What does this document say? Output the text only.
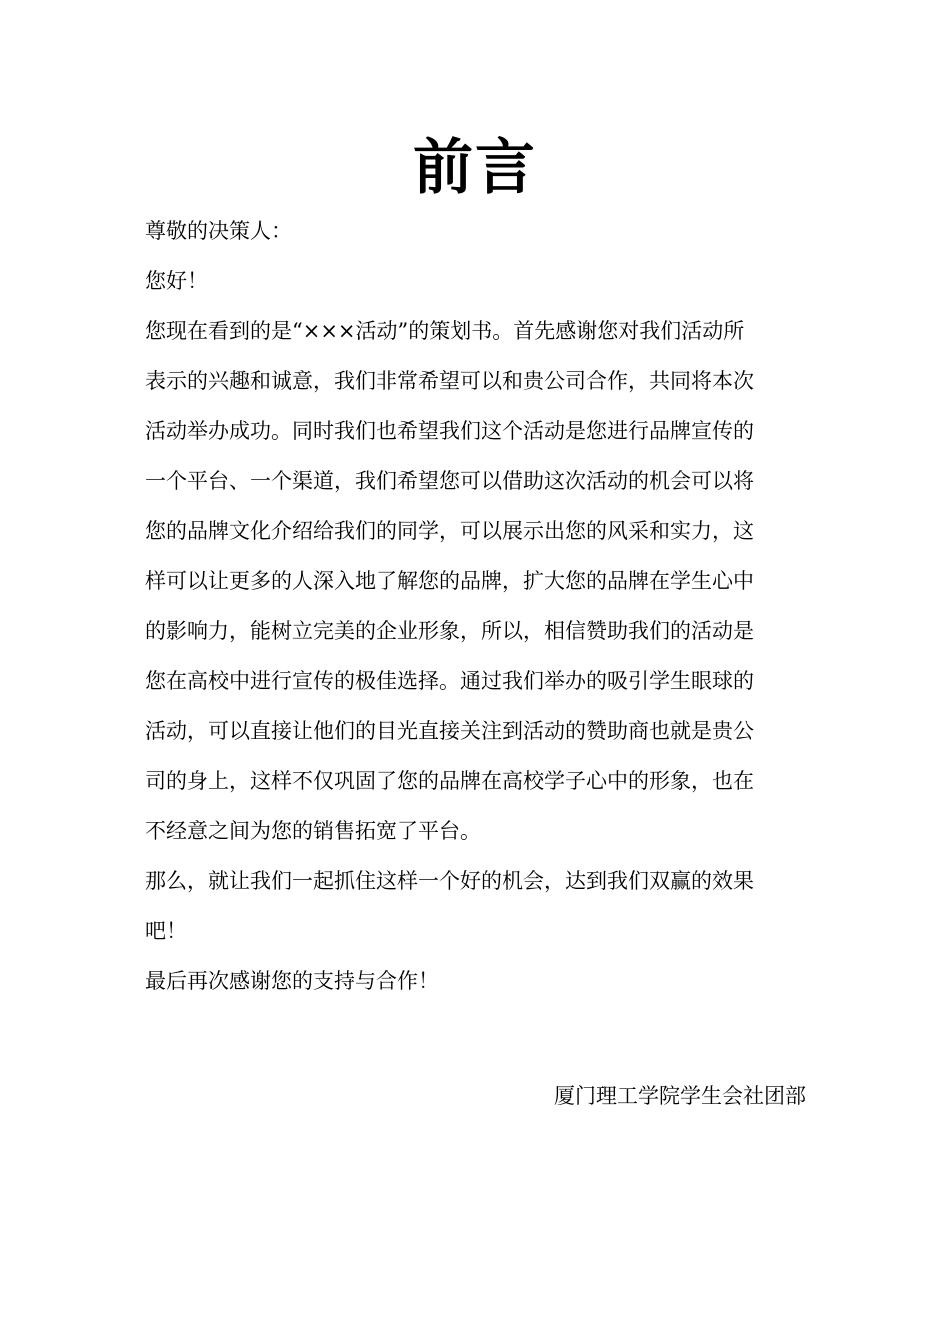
前言

尊敬的决策人：

您好！

您现在看到的是“×××活动”的策划书。首先感谢您对我们活动所
表示的兴趣和诚意，我们非常希望可以和贵公司合作，共同将本次
活动举办成功。同时我们也希望我们这个活动是您进行品牌宣传的
一个平台、一个渠道，我们希望您可以借助这次活动的机会可以将
您的品牌文化介绍给我们的同学，可以展示出您的风采和实力，这
样可以让更多的人深入地了解您的品牌，扩大您的品牌在学生心中
的影响力，能树立完美的企业形象，所以，相信赞助我们的活动是
您在高校中进行宣传的极佳选择。通过我们举办的吸引学生眼球的
活动，可以直接让他们的目光直接关注到活动的赞助商也就是贵公
司的身上，这样不仅巩固了您的品牌在高校学子心中的形象，也在
不经意之间为您的销售拓宽了平台。

那么，就让我们一起抓住这样一个好的机会，达到我们双赢的效果
吧！

最后再次感谢您的支持与合作！

厦门理工学院学生会社团部
